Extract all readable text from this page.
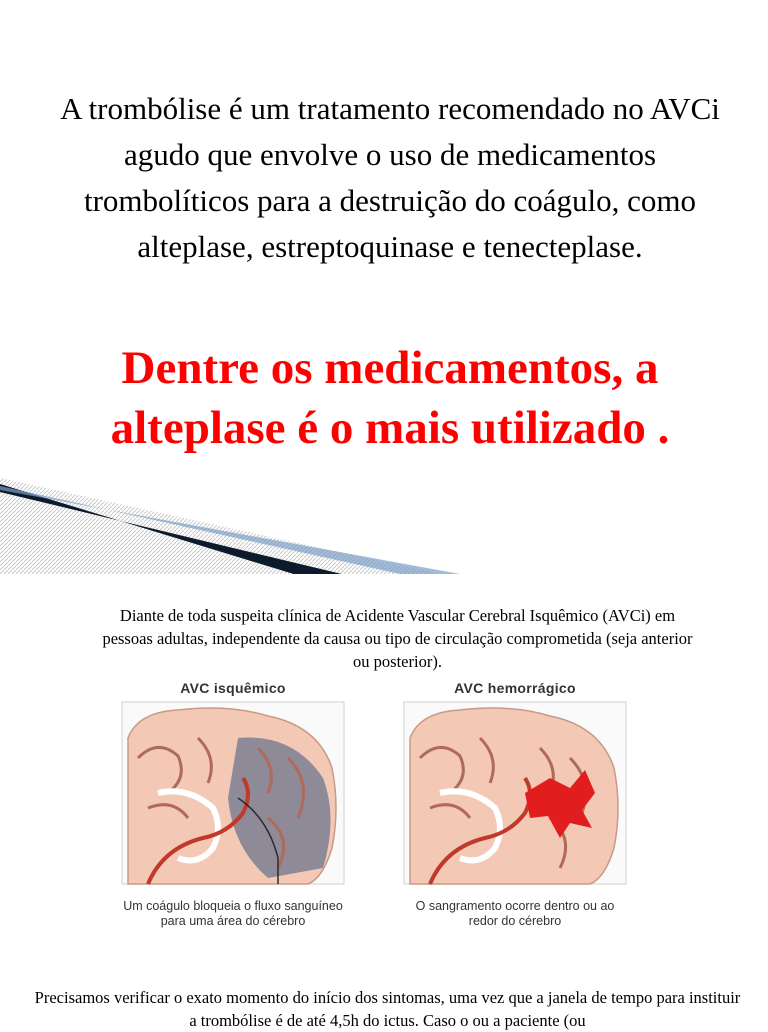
A trombólise é um tratamento recomendado no AVCi agudo que envolve o uso de medicamentos trombolíticos para a destruição do coágulo, como alteplase, estreptoquinase e tenecteplase.

Dentre os medicamentos, a alteplase é o mais utilizado .

Diante de toda suspeita clínica de Acidente Vascular Cerebral Isquêmico (AVCi) em pessoas adultas, independente da causa ou tipo de circulação comprometida (seja anterior ou posterior).

AVC isquêmico

Um coágulo bloqueia o fluxo sanguíneo para uma área do cérebro

AVC hemorrágico

O sangramento ocorre dentro ou ao redor do cérebro

Precisamos verificar o exato momento do início dos sintomas, uma vez que a janela de tempo para instituir a trombólise é de até 4,5h do ictus. Caso o ou a paciente (ou
